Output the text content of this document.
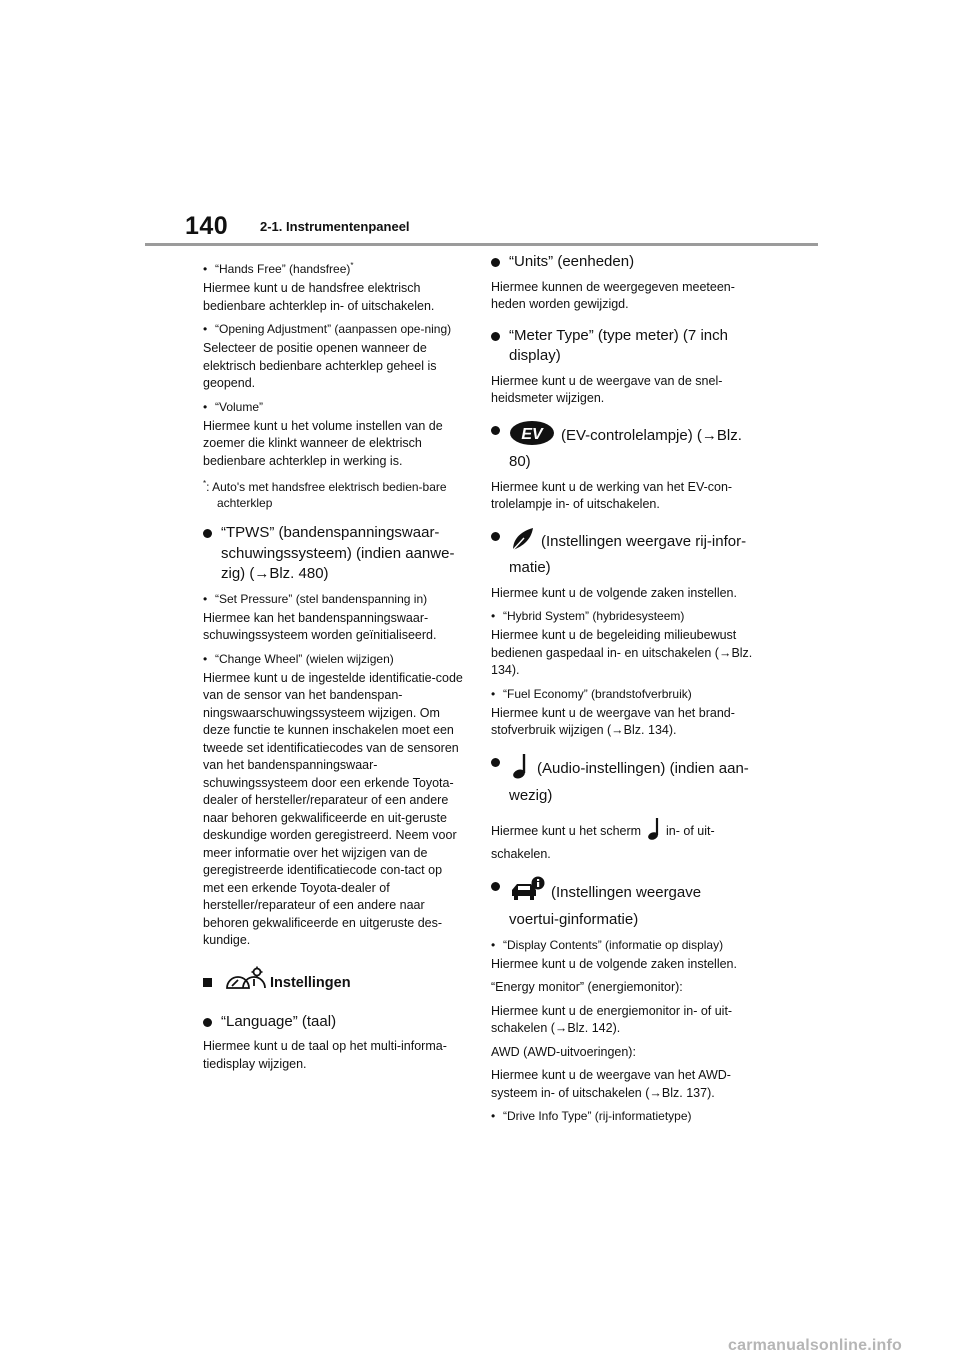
140 2-1. Instrumentenpaneel
• “Hands Free” (handsfree)*
Hiermee kunt u de handsfree elektrisch bedienbare achterklep in- of uitschakelen.
• “Opening Adjustment” (aanpassen ope-ning)
Selecteer de positie openen wanneer de elektrisch bedienbare achterklep geheel is geopend.
• “Volume”
Hiermee kunt u het volume instellen van de zoemer die klinkt wanneer de elektrisch bedienbare achterklep in werking is.
*: Auto's met handsfree elektrisch bedien-bare achterklep
“TPWS” (bandenspanningswaar-schuwingssysteem) (indien aanwe-zig) (→Blz. 480)
• “Set Pressure” (stel bandenspanning in)
Hiermee kan het bandenspanningswaar-schuwingssysteem worden geïnitialiseerd.
• “Change Wheel” (wielen wijzigen)
Hiermee kunt u de ingestelde identificatie-code van de sensor van het bandenspan-ningswaarschuwingssysteem wijzigen. Om deze functie te kunnen inschakelen moet een tweede set identificatiecodes van de sensoren van het bandenspanningswaar-schuwingssysteem door een erkende Toyota-dealer of hersteller/reparateur of een andere naar behoren gekwalificeerde en uit-geruste deskundige worden geregistreerd. Neem voor meer informatie over het wijzigen van de geregistreerde identificatiecode con-tact op met een erkende Toyota-dealer of hersteller/reparateur of een andere naar behoren gekwalificeerde en uitgeruste des-kundige.
Instellingen
“Language” (taal)
Hiermee kunt u de taal op het multi-informa-tiedisplay wijzigen.
“Units” (eenheden)
Hiermee kunnen de weergegeven meeteen-heden worden gewijzigd.
“Meter Type” (type meter) (7 inch display)
Hiermee kunt u de weergave van de snel-heidsmeter wijzigen.
EV (EV-controlelampje) (→Blz. 80)
Hiermee kunt u de werking van het EV-con-trolelampje in- of uitschakelen.
(Instellingen weergave rij-infor-matie)
Hiermee kunt u de volgende zaken instellen.
• “Hybrid System” (hybridesysteem)
Hiermee kunt u de begeleiding milieubewust bedienen gaspedaal in- en uitschakelen (→Blz. 134).
• “Fuel Economy” (brandstofverbruik)
Hiermee kunt u de weergave van het brand-stofverbruik wijzigen (→Blz. 134).
(Audio-instellingen) (indien aan-wezig)
Hiermee kunt u het scherm in- of uit-schakelen.
(Instellingen weergave voertui-ginformatie)
• “Display Contents” (informatie op display)
Hiermee kunt u de volgende zaken instellen.
“Energy monitor” (energiemonitor):
Hiermee kunt u de energiemonitor in- of uit-schakelen (→Blz. 142).
AWD (AWD-uitvoeringen):
Hiermee kunt u de weergave van het AWD-systeem in- of uitschakelen (→Blz. 137).
• “Drive Info Type” (rij-informatietype)
carmanualsonline.info
